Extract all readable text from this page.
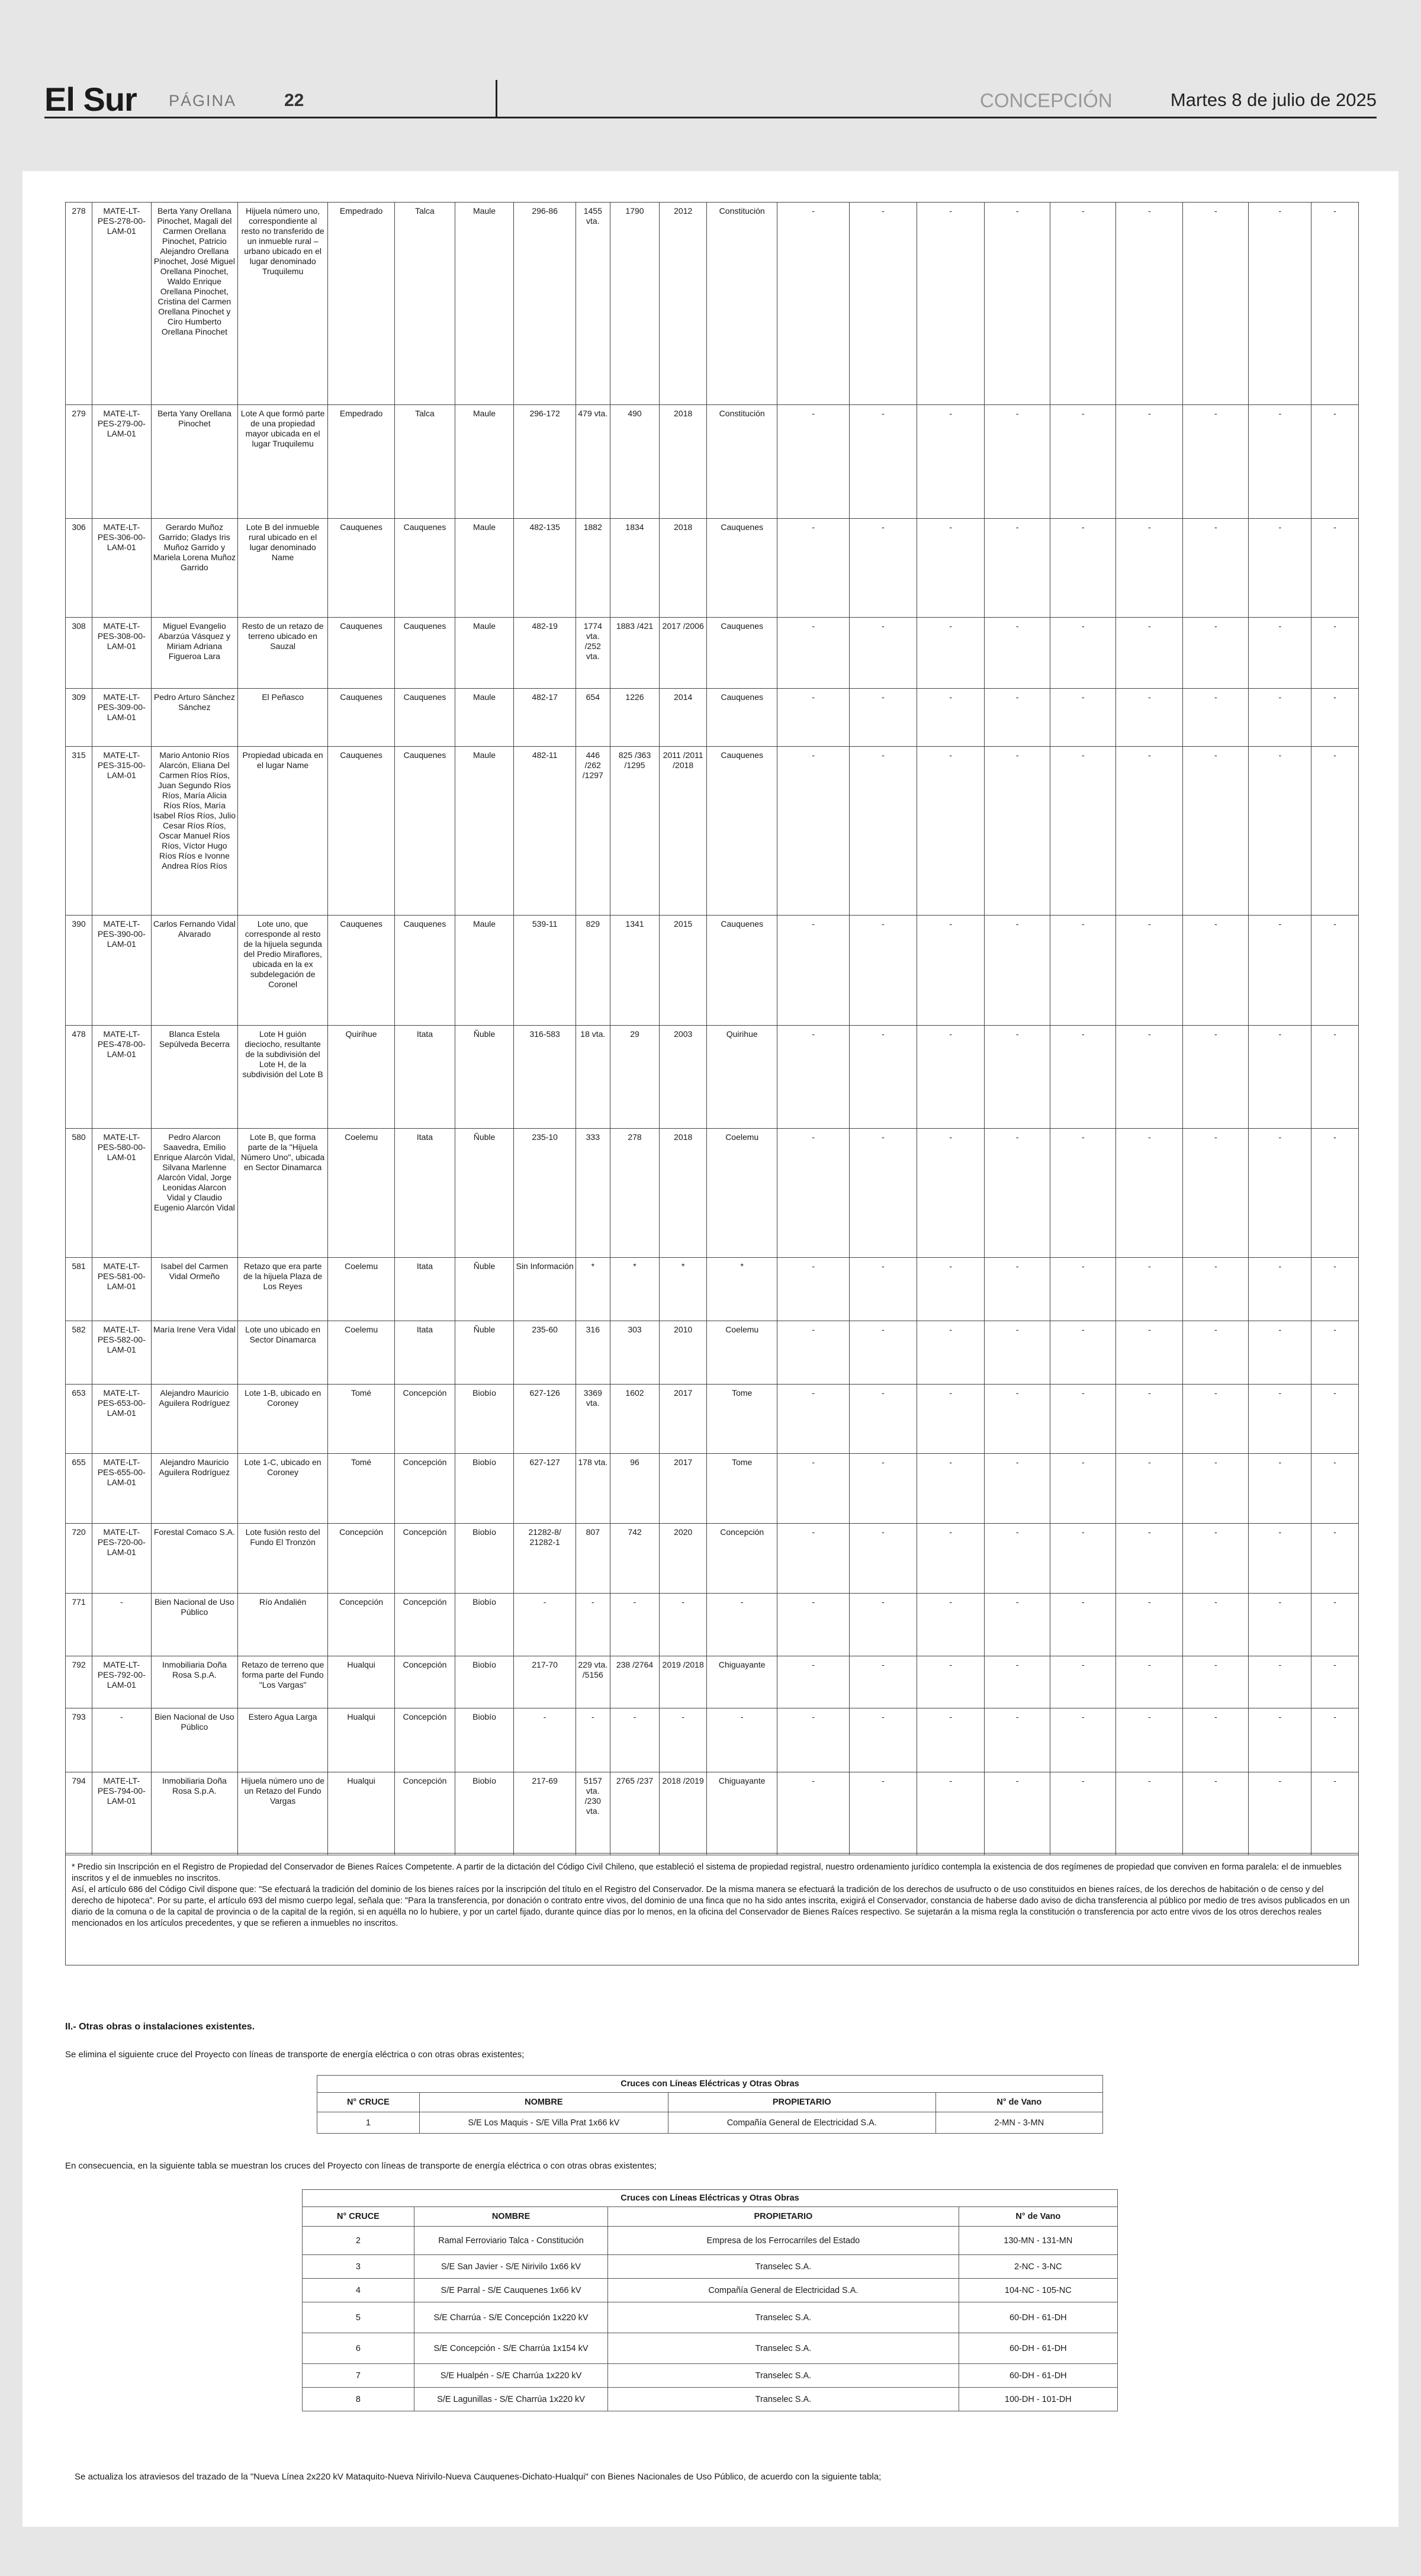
El Sur PÁGINA	22	CONCEPCIÓN	Martes 8 de julio de 2025
278	MATE-LT-PES-278-00-LAM-01	Berta Yany Orellana Pinochet, Magali del Carmen Orellana Pinochet, Patricio Alejandro Orellana Pinochet, José Miguel Orellana Pinochet, Waldo Enrique Orellana Pinochet, Cristina del Carmen Orellana Pinochet y Ciro Humberto Orellana Pinochet	Hijuela número uno, correspondiente al resto no transferido de un inmueble rural – urbano ubicado en el lugar denominado Truquilemu	Empedrado	Talca	Maule	296-86	1455 vta.	1790	2012	Constitución	-	-	-	-	-	-	-	-	-
279	MATE-LT-PES-279-00-LAM-01	Berta Yany Orellana Pinochet	Lote A que formó parte de una propiedad mayor ubicada en el lugar Truquilemu	Empedrado	Talca	Maule	296-172	479 vta.	490	2018	Constitución	-	-	-	-	-	-	-	-	-
306	MATE-LT-PES-306-00-LAM-01	Gerardo Muñoz Garrido; Gladys Iris Muñoz Garrido y Mariela Lorena Muñoz Garrido	Lote B del inmueble rural ubicado en el lugar denominado Name	Cauquenes	Cauquenes	Maule	482-135	1882	1834	2018	Cauquenes	-	-	-	-	-	-	-	-	-
308	MATE-LT-PES-308-00-LAM-01	Miguel Evangelio Abarzúa Vásquez y Miriam Adriana Figueroa Lara	Resto de un retazo de terreno ubicado en Sauzal	Cauquenes	Cauquenes	Maule	482-19	1774 vta. /252 vta.	1883 /421	2017 /2006	Cauquenes	-	-	-	-	-	-	-	-	-
309	MATE-LT-PES-309-00-LAM-01	Pedro Arturo Sánchez Sánchez	El Peñasco	Cauquenes	Cauquenes	Maule	482-17	654	1226	2014	Cauquenes	-	-	-	-	-	-	-	-	-
315	MATE-LT-PES-315-00-LAM-01	Mario Antonio Ríos Alarcón, Eliana Del Carmen Ríos Ríos, Juan Segundo Ríos Ríos, María Alicia Ríos Ríos, María Isabel Ríos Ríos, Julio Cesar Ríos Ríos, Oscar Manuel Ríos Ríos, Víctor Hugo Ríos Ríos e Ivonne Andrea Ríos Ríos	Propiedad ubicada en el lugar Name	Cauquenes	Cauquenes	Maule	482-11	446 /262 /1297	825 /363 /1295	2011 /2011 /2018	Cauquenes	-	-	-	-	-	-	-	-	-
390	MATE-LT-PES-390-00-LAM-01	Carlos Fernando Vidal Alvarado	Lote uno, que corresponde al resto de la hijuela segunda del Predio Miraflores, ubicada en la ex subdelegación de Coronel	Cauquenes	Cauquenes	Maule	539-11	829	1341	2015	Cauquenes	-	-	-	-	-	-	-	-	-
478	MATE-LT-PES-478-00-LAM-01	Blanca Estela Sepúlveda Becerra	Lote H guión dieciocho, resultante de la subdivisión del Lote H, de la subdivisión del Lote B	Quirihue	Itata	Ñuble	316-583	18 vta.	29	2003	Quirihue	-	-	-	-	-	-	-	-	-
580	MATE-LT-PES-580-00-LAM-01	Pedro Alarcon Saavedra, Emilio Enrique Alarcón Vidal, Silvana Marlenne Alarcón Vidal, Jorge Leonidas Alarcon Vidal y Claudio Eugenio Alarcón Vidal	Lote B, que forma parte de la "Hijuela Número Uno", ubicada en Sector Dinamarca	Coelemu	Itata	Ñuble	235-10	333	278	2018	Coelemu	-	-	-	-	-	-	-	-	-
581	MATE-LT-PES-581-00-LAM-01	Isabel del Carmen Vidal Ormeño	Retazo que era parte de la hijuela Plaza de Los Reyes	Coelemu	Itata	Ñuble	Sin Información	*	*	*	*	-	-	-	-	-	-	-	-	-
582	MATE-LT-PES-582-00-LAM-01	María Irene Vera Vidal	Lote uno ubicado en Sector Dinamarca	Coelemu	Itata	Ñuble	235-60	316	303	2010	Coelemu	-	-	-	-	-	-	-	-	-
653	MATE-LT-PES-653-00-LAM-01	Alejandro Mauricio Aguilera Rodríguez	Lote 1-B, ubicado en Coroney	Tomé	Concepción	Biobío	627-126	3369 vta.	1602	2017	Tome	-	-	-	-	-	-	-	-	-
655	MATE-LT-PES-655-00-LAM-01	Alejandro Mauricio Aguilera Rodríguez	Lote 1-C, ubicado en Coroney	Tomé	Concepción	Biobío	627-127	178 vta.	96	2017	Tome	-	-	-	-	-	-	-	-	-
720	MATE-LT-PES-720-00-LAM-01	Forestal Comaco S.A.	Lote fusión resto del Fundo El Tronzón	Concepción	Concepción	Biobío	21282-8/ 21282-1	807	742	2020	Concepción	-	-	-	-	-	-	-	-	-
771	-	Bien Nacional de Uso Público	Río Andalién	Concepción	Concepción	Biobío	-	-	-	-	-	-	-	-	-	-	-	-	-	-
792	MATE-LT-PES-792-00-LAM-01	Inmobiliaria Doña Rosa S.p.A.	Retazo de terreno que forma parte del Fundo "Los Vargas"	Hualqui	Concepción	Biobío	217-70	229 vta. /5156	238 /2764	2019 /2018	Chiguayante	-	-	-	-	-	-	-	-	-
793	-	Bien Nacional de Uso Público	Estero Agua Larga	Hualqui	Concepción	Biobío	-	-	-	-	-	-	-	-	-	-	-	-	-	-
794	MATE-LT-PES-794-00-LAM-01	Inmobiliaria Doña Rosa S.p.A.	Hijuela número uno de un Retazo del Fundo Vargas	Hualqui	Concepción	Biobío	217-69	5157 vta. /230 vta.	2765 /237	2018 /2019	Chiguayante	-	-	-	-	-	-	-	-	-

* Predio sin Inscripción en el Registro de Propiedad del Conservador de Bienes Raíces Competente. A partir de la dictación del Código Civil Chileno, que estableció el sistema de propiedad registral, nuestro ordenamiento jurídico contempla la existencia de dos regímenes de propiedad que conviven en forma paralela: el de inmuebles inscritos y el de inmuebles no inscritos.

Así, el artículo 686 del Código Civil dispone que: "Se efectuará la tradición del dominio de los bienes raíces por la inscripción del título en el Registro del Conservador. De la misma manera se efectuará la tradición de los derechos de usufructo o de uso constituidos en bienes raíces, de los derechos de habitación o de censo y del derecho de hipoteca". Por su parte, el artículo 693 del mismo cuerpo legal, señala que: "Para la transferencia, por donación o contrato entre vivos, del dominio de una finca que no ha sido antes inscrita, exigirá el Conservador, constancia de haberse dado aviso de dicha transferencia al público por medio de tres avisos publicados en un diario de la comuna o de la capital de provincia o de la capital de la región, si en aquélla no lo hubiere, y por un cartel fijado, durante quince días por lo menos, en la oficina del Conservador de Bienes Raíces respectivo. Se sujetarán a la misma regla la constitución o transferencia por acto entre vivos de los otros derechos reales mencionados en los artículos precedentes, y que se refieren a inmuebles no inscritos.

II.- Otras obras o instalaciones existentes.
Se elimina el siguiente cruce del Proyecto con líneas de transporte de energía eléctrica o con otras obras existentes;
Cruces con Líneas Eléctricas y Otras Obras			
N° CRUCE	NOMBRE	PROPIETARIO	N° de Vano
1	S/E Los Maquis - S/E Villa Prat 1x66 kV	Compañía General de Electricidad S.A.	2-MN - 3-MN
En consecuencia, en la siguiente tabla se muestran los cruces del Proyecto con líneas de transporte de energía eléctrica o con otras obras existentes;
Cruces con Líneas Eléctricas y Otras Obras			
N° CRUCE	NOMBRE	PROPIETARIO	N° de Vano
2	Ramal Ferroviario Talca - Constitución	Empresa de los Ferrocarriles del Estado	130-MN - 131-MN
3	S/E San Javier - S/E Nirivilo 1x66 kV	Transelec S.A.	2-NC - 3-NC
4	S/E Parral - S/E Cauquenes 1x66 kV	Compañía General de Electricidad S.A.	104-NC - 105-NC
5	S/E Charrúa - S/E Concepción 1x220 kV	Transelec S.A.	60-DH - 61-DH
6	S/E Concepción - S/E Charrúa 1x154 kV	Transelec S.A.	60-DH - 61-DH
7	S/E Hualpén - S/E Charrúa 1x220 kV	Transelec S.A.	60-DH - 61-DH
8	S/E Lagunillas - S/E Charrúa 1x220 kV	Transelec S.A.	100-DH - 101-DH
Se actualiza los atraviesos del trazado de la "Nueva Línea 2x220 kV Mataquito-Nueva Nirivilo-Nueva Cauquenes-Dichato-Hualqui" con Bienes Nacionales de Uso Público, de acuerdo con la siguiente tabla;
